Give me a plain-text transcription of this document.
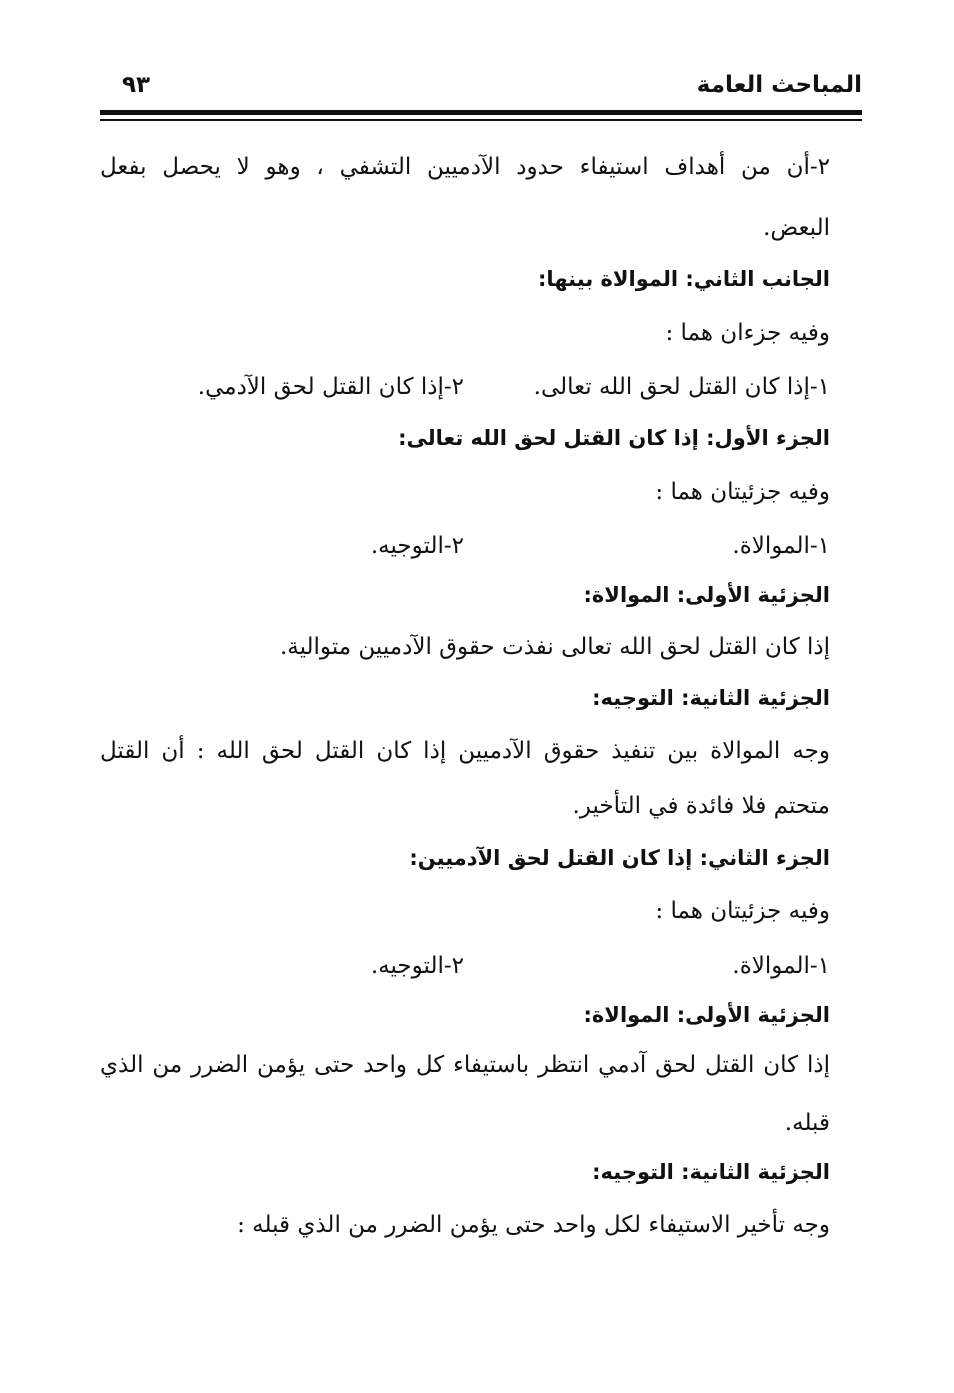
المباحث العامة
٩٣
٢-أن من أهداف استيفاء حدود الآدميين التشفي ، وهو لا يحصل بفعل
البعض.
الجانب الثاني: الموالاة بينها:
وفيه جزءان هما :
١-إذا كان القتل لحق الله تعالى.
٢-إذا كان القتل لحق الآدمي.
الجزء الأول: إذا كان القتل لحق الله تعالى:
وفيه جزئيتان هما :
١-الموالاة.
٢-التوجيه.
الجزئية الأولى: الموالاة:
إذا كان القتل لحق الله تعالى نفذت حقوق الآدميين متوالية.
الجزئية الثانية: التوجيه:
وجه الموالاة بين تنفيذ حقوق الآدميين إذا كان القتل لحق الله : أن القتل
متحتم فلا فائدة في التأخير.
الجزء الثاني: إذا كان القتل لحق الآدميين:
وفيه جزئيتان هما :
١-الموالاة.
٢-التوجيه.
الجزئية الأولى: الموالاة:
إذا كان القتل لحق آدمي انتظر باستيفاء كل واحد حتى يؤمن الضرر من الذي
قبله.
الجزئية الثانية: التوجيه:
وجه تأخير الاستيفاء لكل واحد حتى يؤمن الضرر من الذي قبله :
